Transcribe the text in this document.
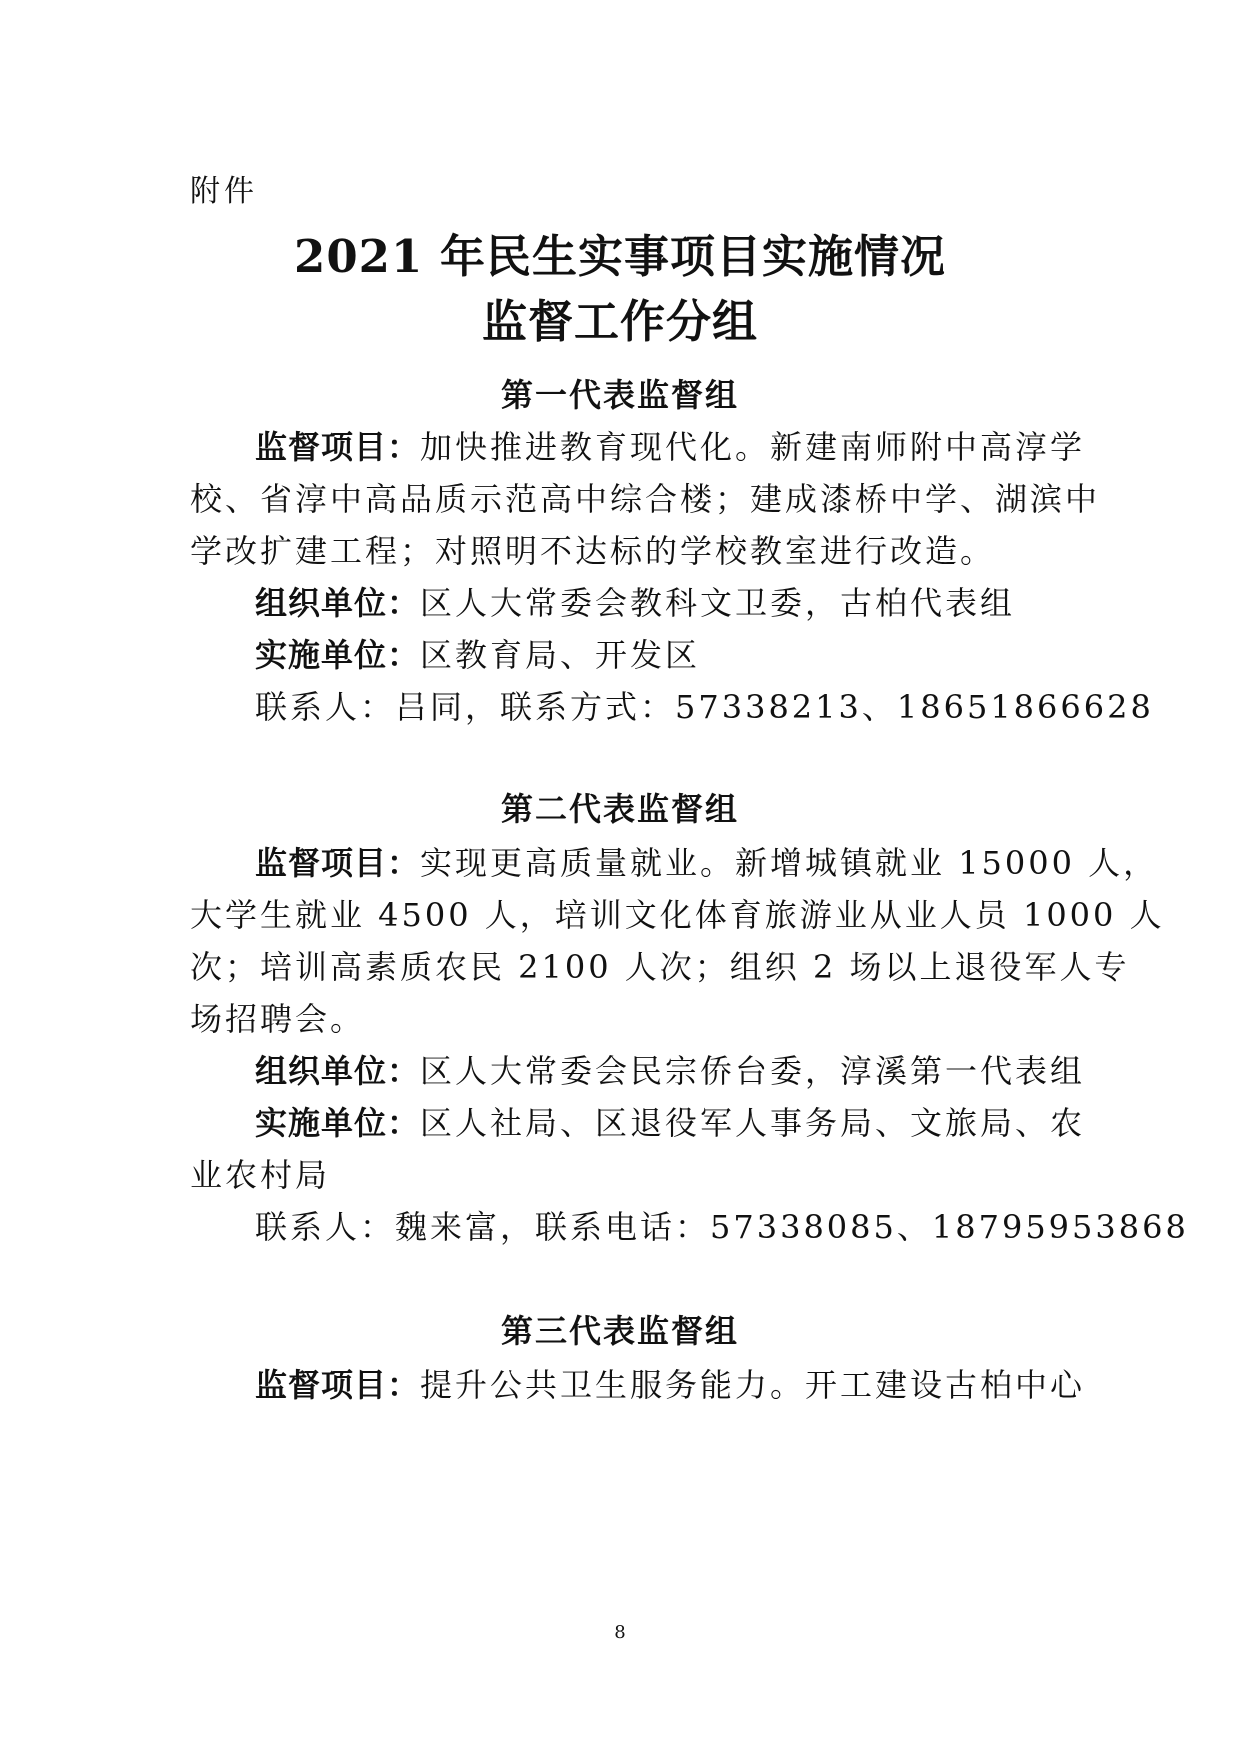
附件
2021 年民生实事项目实施情况
监督工作分组
第一代表监督组
监督项目：加快推进教育现代化。新建南师附中高淳学
校、省淳中高品质示范高中综合楼；建成漆桥中学、湖滨中
学改扩建工程；对照明不达标的学校教室进行改造。
组织单位：区人大常委会教科文卫委，古柏代表组
实施单位：区教育局、开发区
联系人：吕同，联系方式：57338213、18651866628
第二代表监督组
监督项目：实现更高质量就业。新增城镇就业 15000 人，
大学生就业 4500 人，培训文化体育旅游业从业人员 1000 人
次；培训高素质农民 2100 人次；组织 2 场以上退役军人专
场招聘会。
组织单位：区人大常委会民宗侨台委，淳溪第一代表组
实施单位：区人社局、区退役军人事务局、文旅局、农
业农村局
联系人：魏来富，联系电话：57338085、18795953868
第三代表监督组
监督项目：提升公共卫生服务能力。开工建设古柏中心
8
